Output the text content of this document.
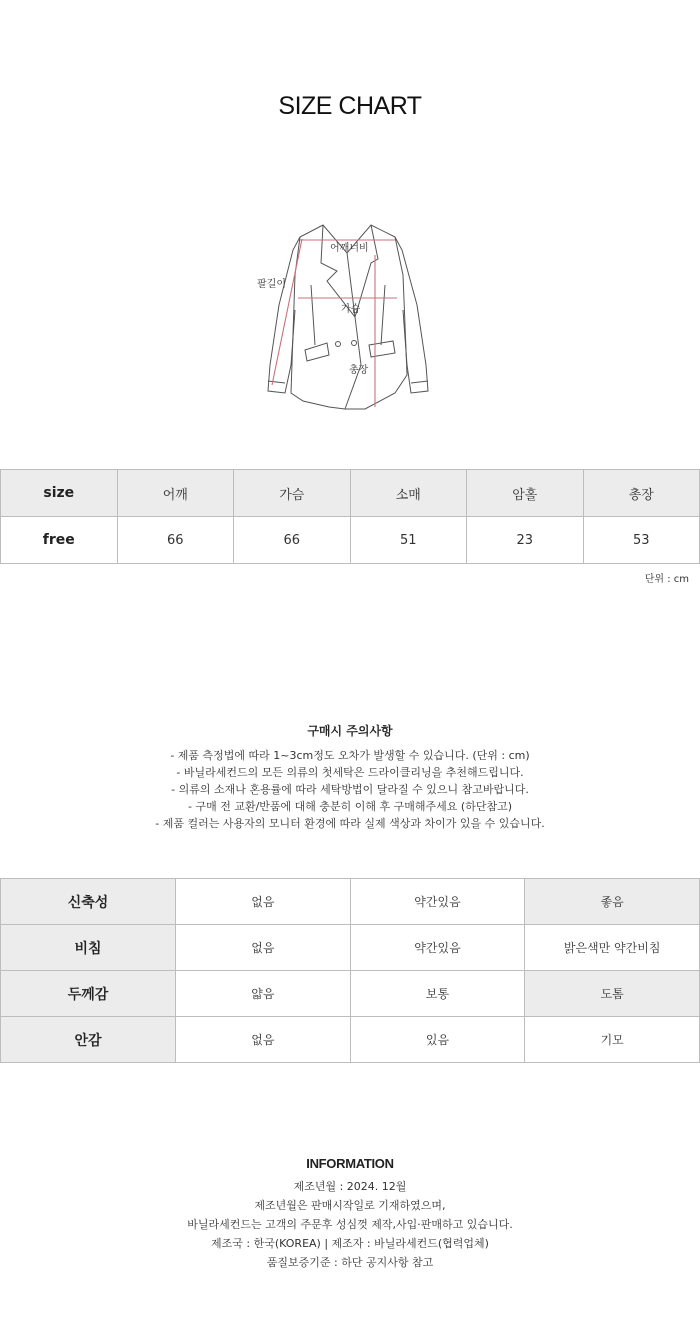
SIZE CHART
어깨너비
팔길이
가슴
총장
size	어깨	가슴	소매	암홀	총장
free	66	66	51	23	53
단위 : cm
구매시 주의사항
- 제품 측정법에 따라 1~3cm정도 오차가 발생할 수 있습니다. (단위 : cm)
- 바닐라세컨드의 모든 의류의 첫세탁은 드라이클리닝을 추천해드립니다.
- 의류의 소재나 혼용률에 따라 세탁방법이 달라질 수 있으니 참고바랍니다.
- 구매 전 교환/반품에 대해 충분히 이해 후 구매해주세요 (하단참고)
- 제품 컬러는 사용자의 모니터 환경에 따라 실제 색상과 차이가 있을 수 있습니다.
신축성	없음	약간있음	좋음
비침	없음	약간있음	밝은색만 약간비침
두께감	얇음	보통	도톰
안감	없음	있음	기모
INFORMATION
제조년월 : 2024. 12월
제조년월은 판매시작일로 기재하였으며,
바닐라세컨드는 고객의 주문후 성심껏 제작,사입·판매하고 있습니다.
제조국 : 한국(KOREA) | 제조자 : 바닐라세컨드(협력업체)
품질보증기준 : 하단 공지사항 참고
